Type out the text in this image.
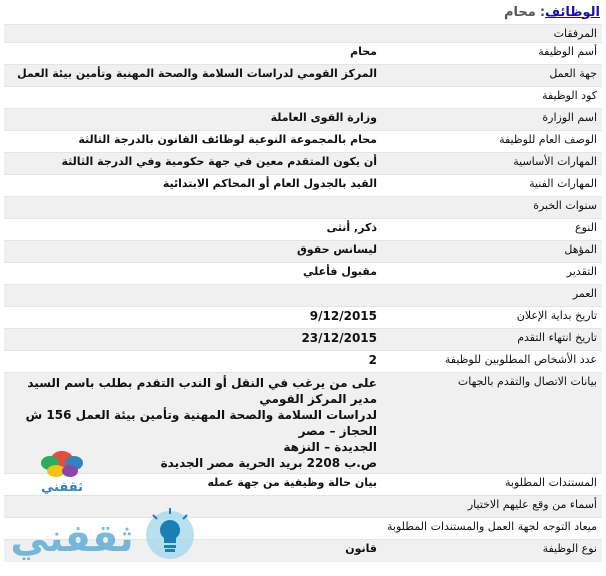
الوظائف
:
محام
المرفقات	
أسم الوظيفة	محام
جهة العمل	المركز القومي لدراسات السلامة والصحة المهنية وتأمين بيئة العمل
كود الوظيفة	
اسم الوزارة	وزارة القوى العاملة
الوصف العام للوظيفة	محام بالمجموعة النوعية لوظائف القانون بالدرجة الثالثة
المهارات الأساسية	أن يكون المتقدم معين في جهة حكومية وفي الدرجة الثالثة
المهارات الفنية	القيد بالجدول العام أو المحاكم الابتدائية
سنوات الخبرة	
النوع	ذكر, أنثى
المؤهل	ليسانس حقوق
التقدير	مقبول فأعلي
العمر	
تاريخ بداية الإعلان	9/12/2015
تاريخ انتهاء التقدم	23/12/2015
عدد الأشخاص المطلوبين للوظيفة	2
بيانات الاتصال والتقدم بالجهات	على من يرغب في النقل أو الندب التقدم بطلب باسم السيد مدير المركز القومي
لدراسات السلامة والصحة المهنية وتأمين بيئة العمل 156 ش الحجاز – مصر
الجديدة – النزهة
ص.ب 2208 بريد الحرية مصر الجديدة

المستندات المطلوبة	بيان حالة وظيفية من جهة عمله
أسماء من وقع عليهم الاختيار	
ميعاد التوجه لجهة العمل والمستندات المطلوبة	
نوع الوظيفة	قانون
ثقفني
ثقفني
